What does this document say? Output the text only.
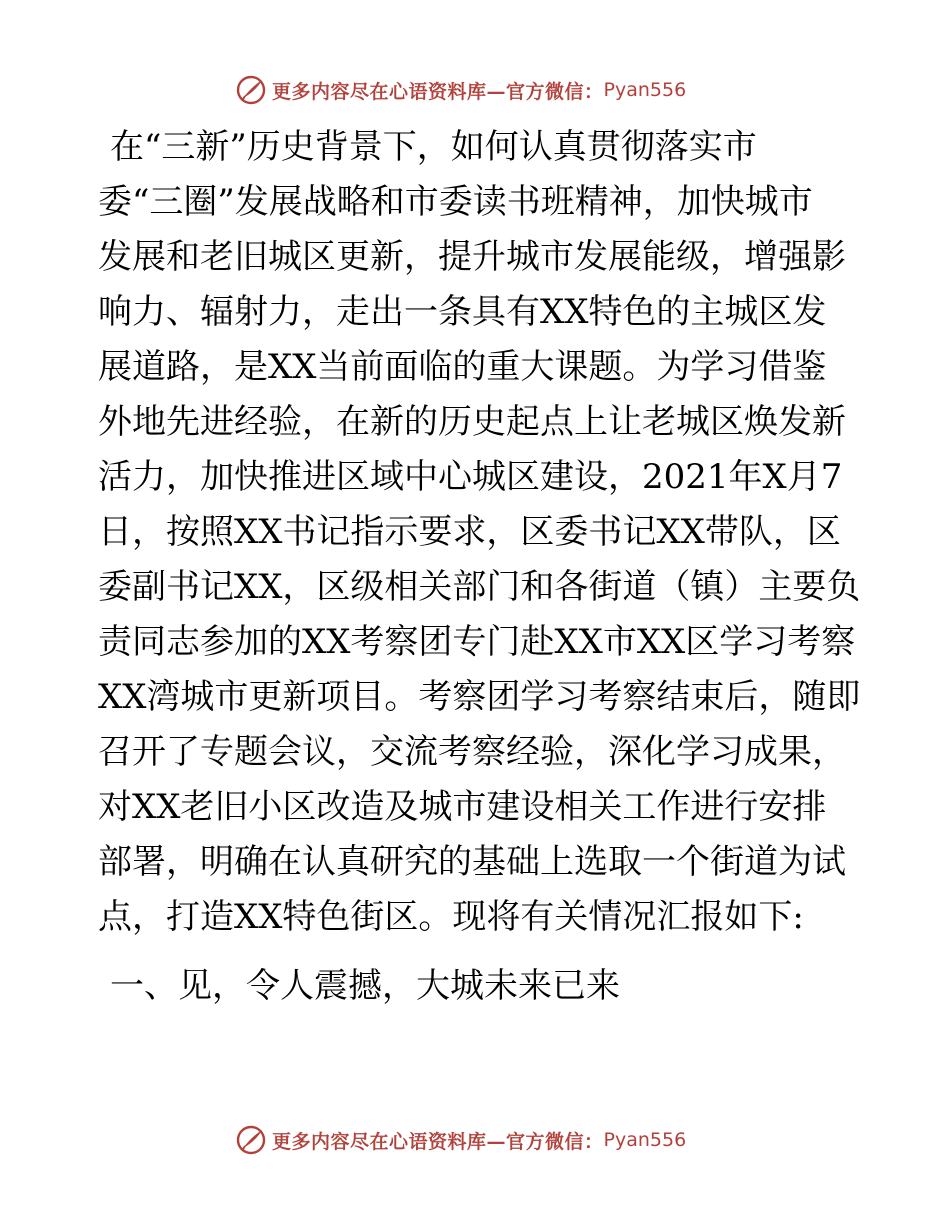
更多内容尽在心语资料库—官方微信： Pyan556
在“三新”历史背景下，如何认真贯彻落实市
委“三圈”发展战略和市委读书班精神，加快城市
发展和老旧城区更新，提升城市发展能级，增强影
响力、辐射力，走出一条具有XX特色的主城区发
展道路，是XX当前面临的重大课题。为学习借鉴
外地先进经验，在新的历史起点上让老城区焕发新
活力，加快推进区域中心城区建设，2021年X月7
日，按照XX书记指示要求，区委书记XX带队，区
委副书记XX，区级相关部门和各街道（镇）主要负
责同志参加的XX考察团专门赴XX市XX区学习考察
XX湾城市更新项目。考察团学习考察结束后，随即
召开了专题会议，交流考察经验，深化学习成果，
对XX老旧小区改造及城市建设相关工作进行安排
部署，明确在认真研究的基础上选取一个街道为试
点，打造XX特色街区。现将有关情况汇报如下:
一、见，令人震撼，大城未来已来
更多内容尽在心语资料库—官方微信： Pyan556
